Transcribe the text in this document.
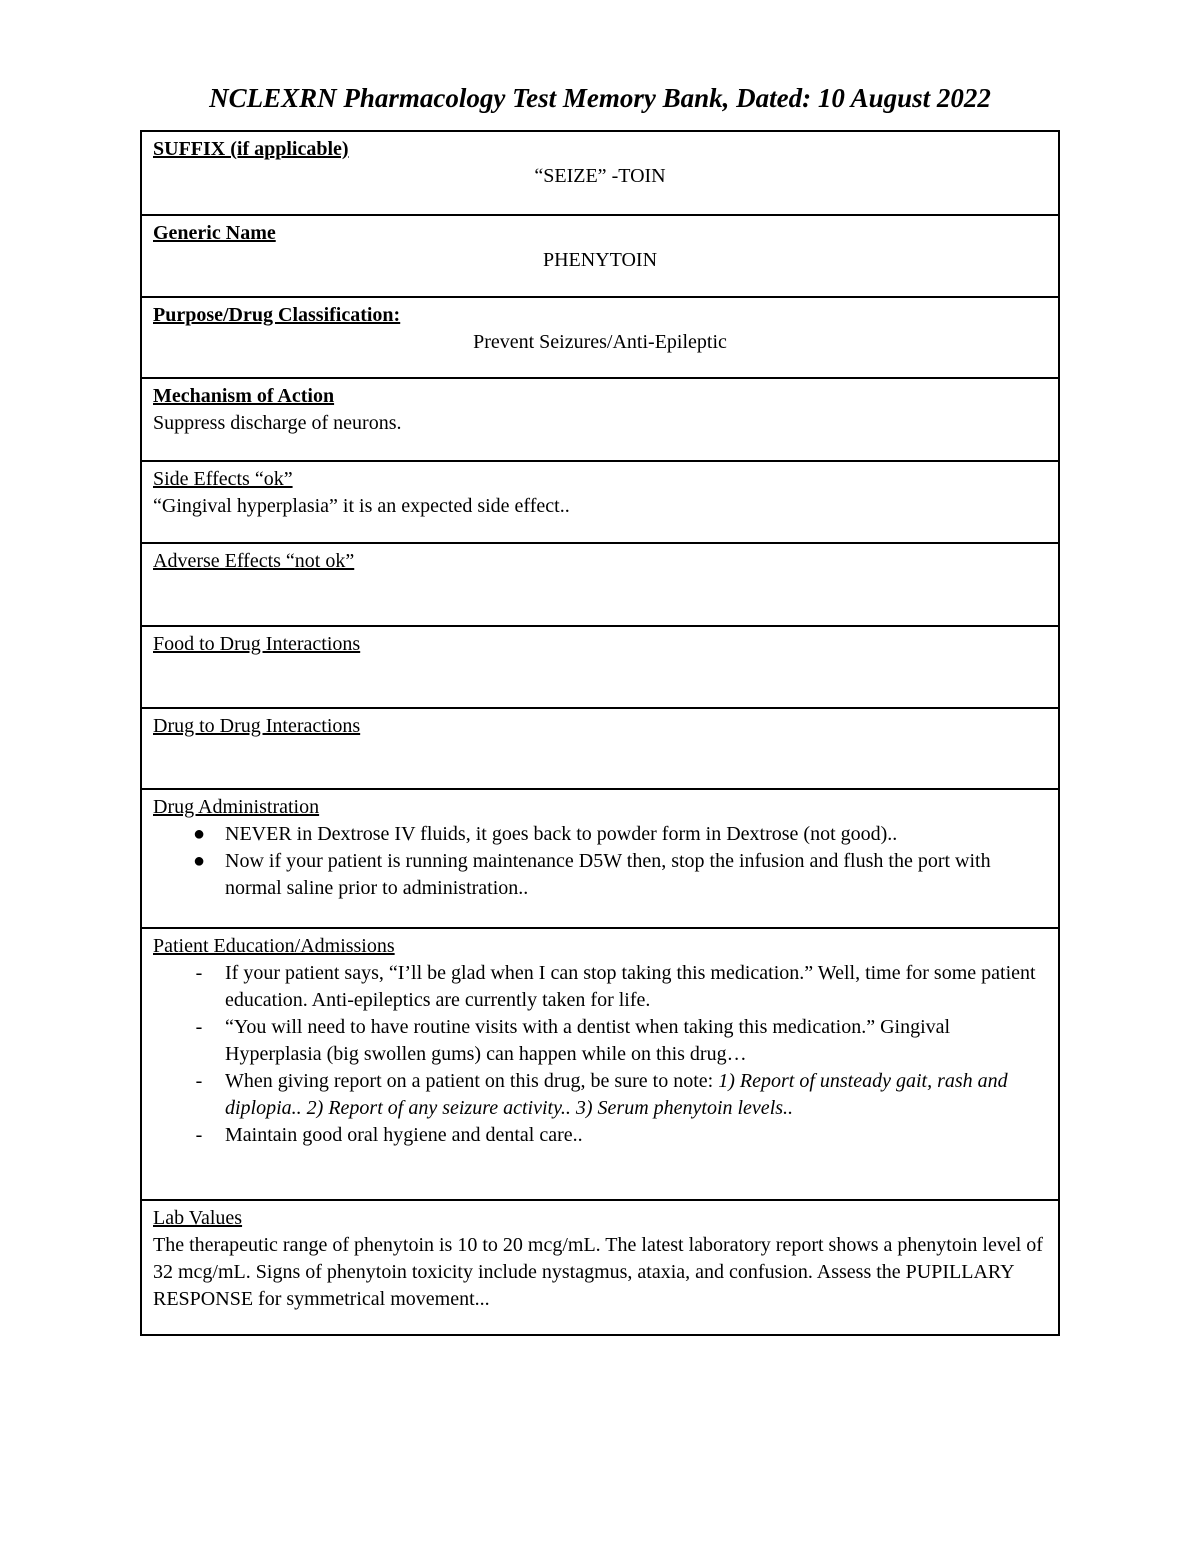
NCLEXRN Pharmacology Test Memory Bank, Dated: 10 August 2022
SUFFIX (if applicable)
“SEIZE” -TOIN
Generic Name
PHENYTOIN
Purpose/Drug Classification:
Prevent Seizures/Anti-Epileptic
Mechanism of Action
Suppress discharge of neurons.
Side Effects “ok”
“Gingival hyperplasia” it is an expected side effect..
Adverse Effects “not ok”
Food to Drug Interactions
Drug to Drug Interactions
Drug Administration
● NEVER in Dextrose IV fluids, it goes back to powder form in Dextrose (not good)..
● Now if your patient is running maintenance D5W then, stop the infusion and flush the port with normal saline prior to administration..
Patient Education/Admissions
-	If your patient says, “I’ll be glad when I can stop taking this medication.” Well, time for some patient education. Anti-epileptics are currently taken for life.
-	“You will need to have routine visits with a dentist when taking this medication.” Gingival Hyperplasia (big swollen gums) can happen while on this drug…
-	When giving report on a patient on this drug, be sure to note: 1) Report of unsteady gait, rash and diplopia.. 2) Report of any seizure activity.. 3) Serum phenytoin levels..
-	Maintain good oral hygiene and dental care..
Lab Values
The therapeutic range of phenytoin is 10 to 20 mcg/mL. The latest laboratory report shows a phenytoin level of 32 mcg/mL. Signs of phenytoin toxicity include nystagmus, ataxia, and confusion. Assess the PUPILLARY RESPONSE for symmetrical movement...
